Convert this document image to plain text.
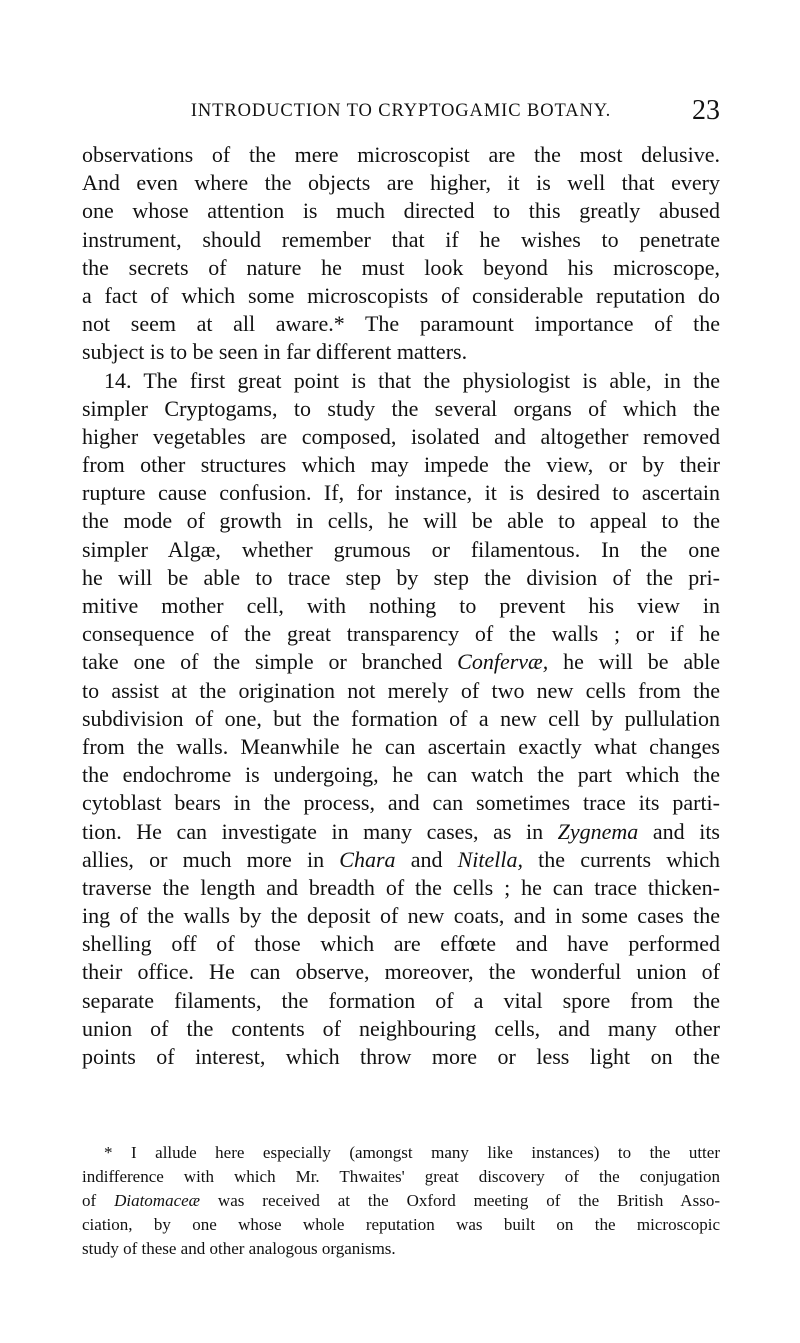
INTRODUCTION TO CRYPTOGAMIC BOTANY.	23
observations of the mere microscopist are the most delusive.
And even where the objects are higher, it is well that every
one whose attention is much directed to this greatly abused
instrument, should remember that if he wishes to penetrate
the secrets of nature he must look beyond his microscope,
a fact of which some microscopists of considerable reputation do
not seem at all aware.* The paramount importance of the
subject is to be seen in far different matters.
14. The first great point is that the physiologist is able, in the
simpler Cryptogams, to study the several organs of which the
higher vegetables are composed, isolated and altogether removed
from other structures which may impede the view, or by their
rupture cause confusion. If, for instance, it is desired to ascertain
the mode of growth in cells, he will be able to appeal to the
simpler Algæ, whether grumous or filamentous. In the one
he will be able to trace step by step the division of the pri-
mitive mother cell, with nothing to prevent his view in
consequence of the great transparency of the walls ; or if he
take one of the simple or branched Confervæ, he will be able
to assist at the origination not merely of two new cells from the
subdivision of one, but the formation of a new cell by pullulation
from the walls. Meanwhile he can ascertain exactly what changes
the endochrome is undergoing, he can watch the part which the
cytoblast bears in the process, and can sometimes trace its parti-
tion. He can investigate in many cases, as in Zygnema and its
allies, or much more in Chara and Nitella, the currents which
traverse the length and breadth of the cells ; he can trace thicken-
ing of the walls by the deposit of new coats, and in some cases the
shelling off of those which are effœte and have performed
their office. He can observe, moreover, the wonderful union of
separate filaments, the formation of a vital spore from the
union of the contents of neighbouring cells, and many other
points of interest, which throw more or less light on the
* I allude here especially (amongst many like instances) to the utter
indifference with which Mr. Thwaites' great discovery of the conjugation
of Diatomaceæ was received at the Oxford meeting of the British Asso-
ciation, by one whose whole reputation was built on the microscopic
study of these and other analogous organisms.
